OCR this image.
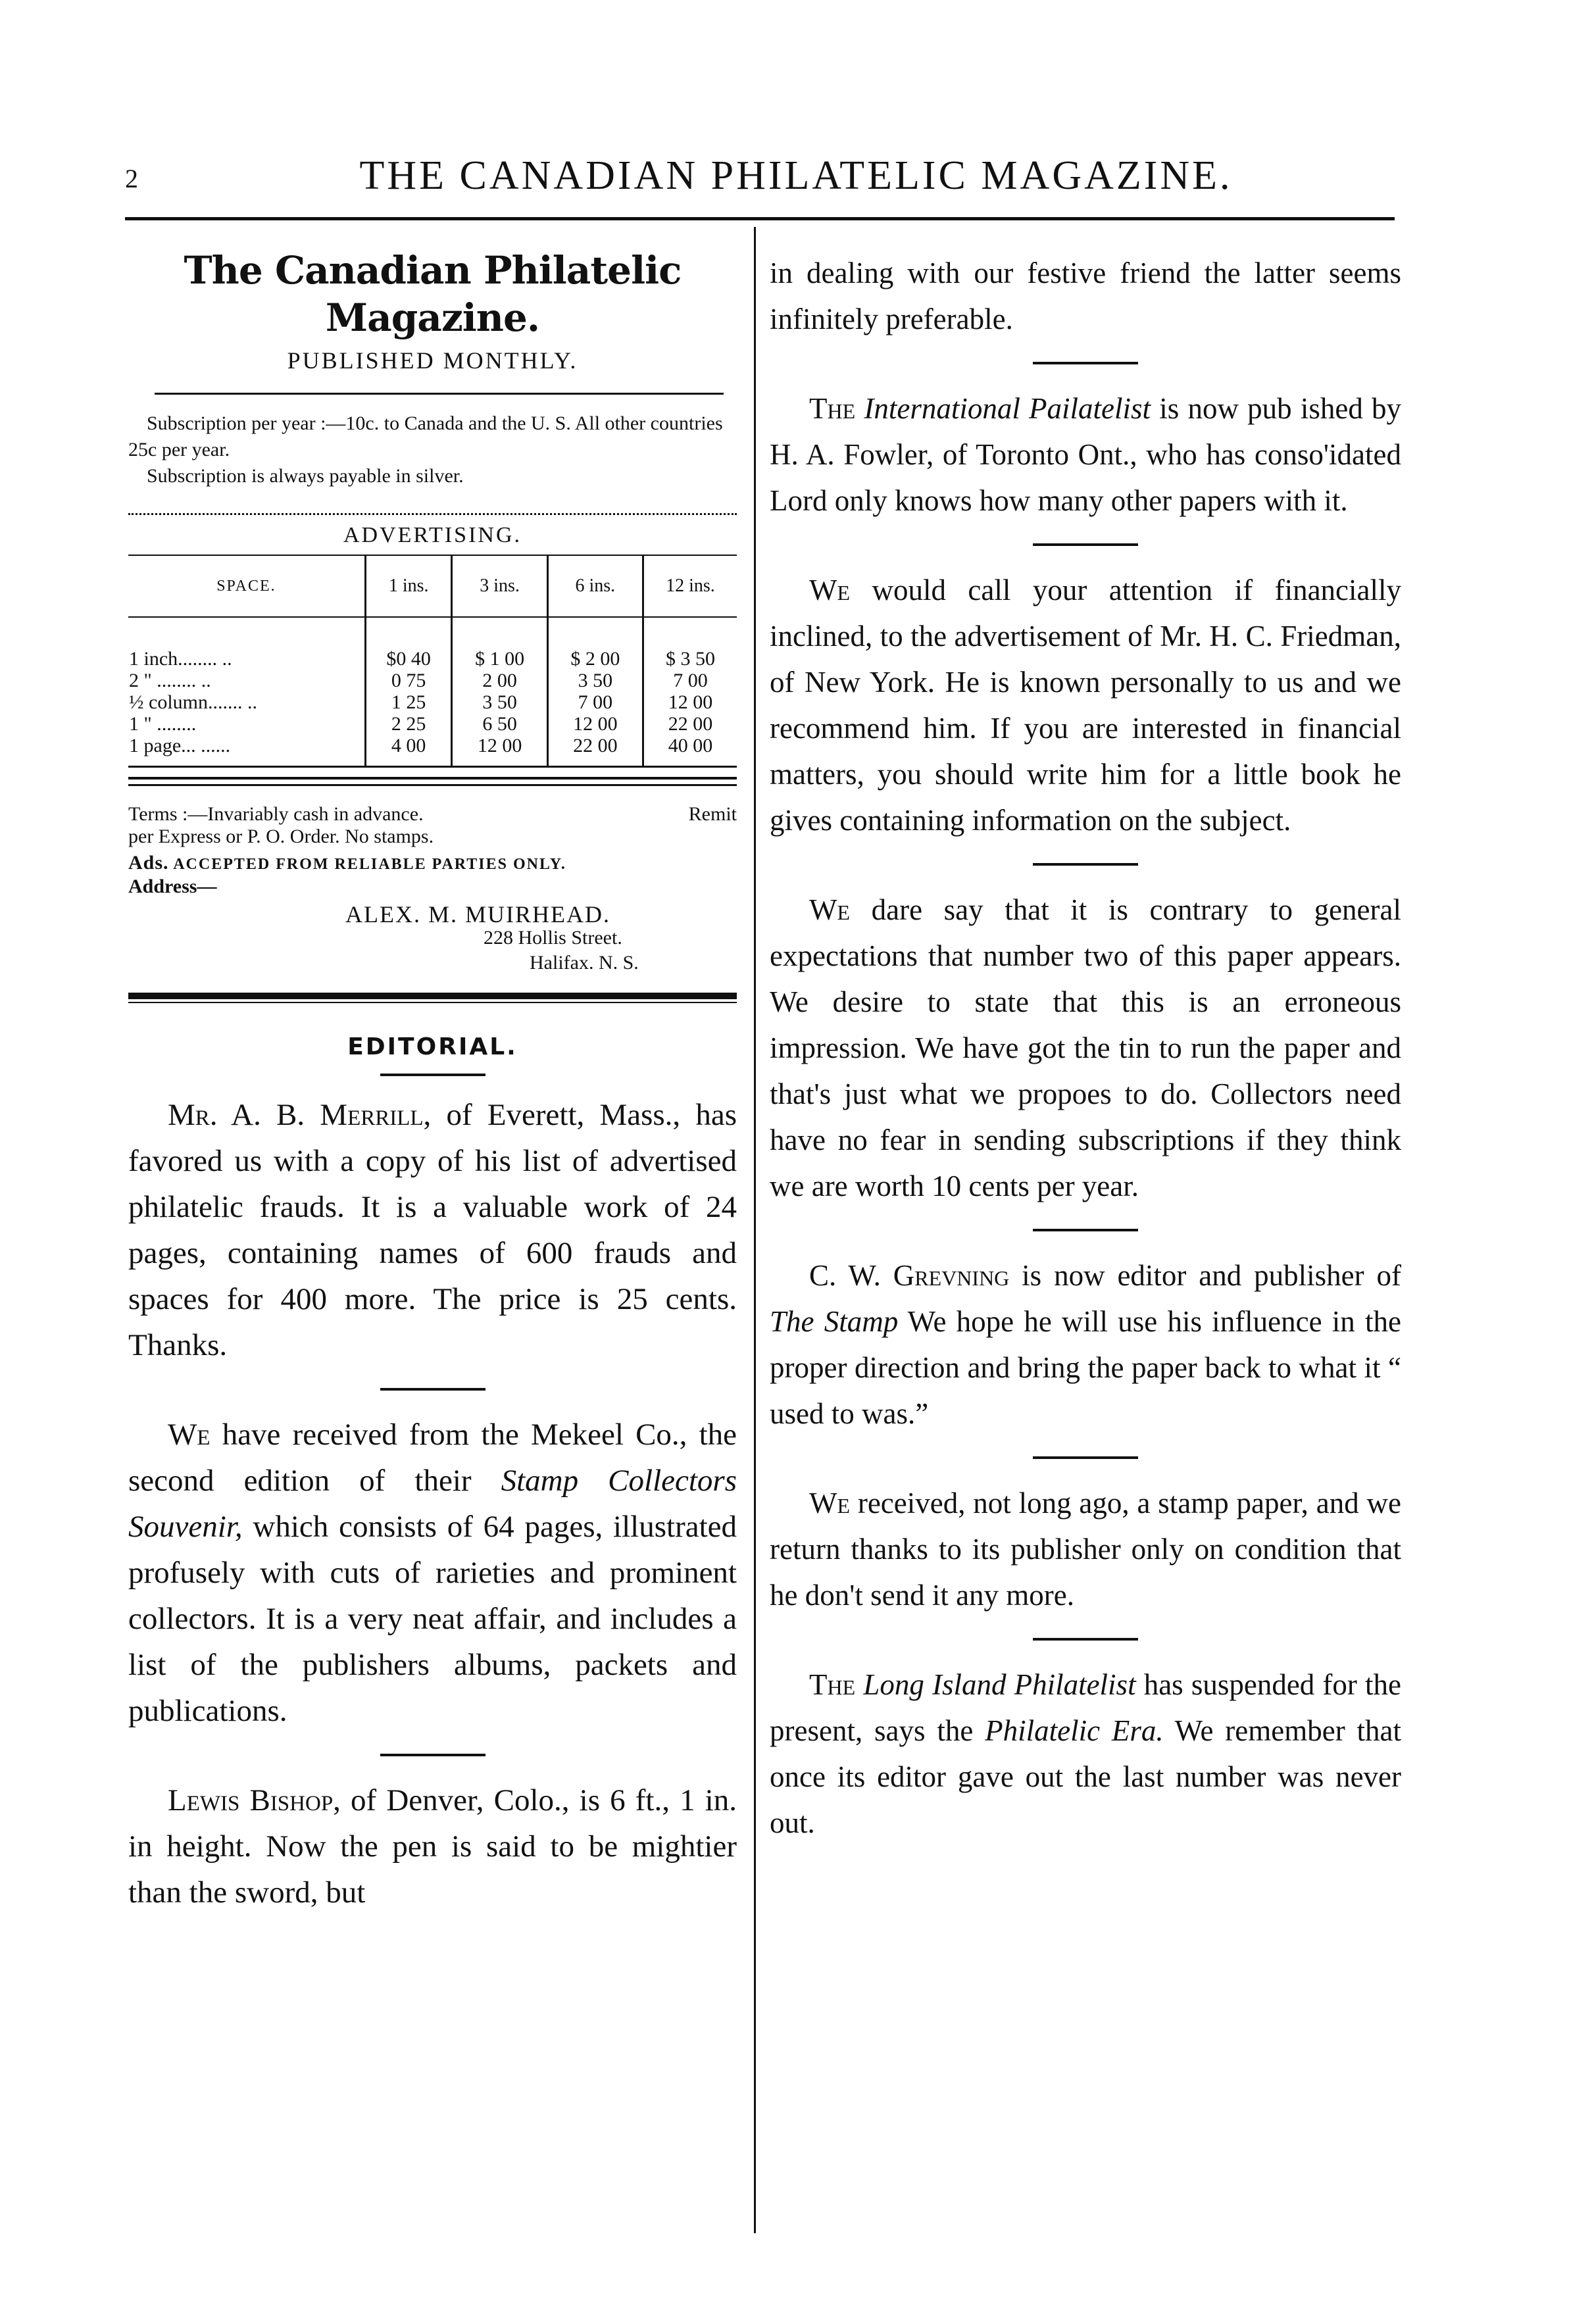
2	THE CANADIAN PHILATELIC MAGAZINE.
The Canadian Philatelic Magazine.
PUBLISHED MONTHLY.
Subscription per year :—10c. to Canada and the U. S. All other countries 25c per year.
Subscription is always payable in silver.
ADVERTISING.
SPACE.	1 ins.	3 ins.	6 ins.	12 ins.

1 inch........ ..	$0 40	$ 1 00	$ 2 00	$ 3 50
2 " ........ ..	0 75	2 00	3 50	7 00
½ column....... ..	1 25	3 50	7 00	12 00
1 " ........	2 25	6 50	12 00	22 00
1 page... ......	4 00	12 00	22 00	40 00
Remit
Terms :—Invariably cash in advance.
per Express or P. O. Order. No stamps.
Ads. ACCEPTED FROM RELIABLE PARTIES ONLY.
Address—
ALEX. M. MUIRHEAD.
228 Hollis Street.
Halifax. N. S.
EDITORIAL.

Mr. A. B. Merrill, of Everett, Mass., has favored us with a copy of his list of advertised philatelic frauds. It is a valuable work of 24 pages, containing names of 600 frauds and spaces for 400 more. The price is 25 cents. Thanks.

We have received from the Mekeel Co., the second edition of their Stamp Collectors Souvenir, which consists of 64 pages, illustrated profusely with cuts of rarieties and prominent collectors. It is a very neat affair, and includes a list of the publishers albums, packets and publications.

Lewis Bishop, of Denver, Colo., is 6 ft., 1 in. in height. Now the pen is said to be mightier than the sword, but

in dealing with our festive friend the latter seems infinitely preferable.

The International Pailatelist is now pub ished by H. A. Fowler, of Toronto Ont., who has conso'idated Lord only knows how many other papers with it.

We would call your attention if financially inclined, to the advertisement of Mr. H. C. Friedman, of New York. He is known personally to us and we recommend him. If you are interested in financial matters, you should write him for a little book he gives containing information on the subject.

We dare say that it is contrary to general expectations that number two of this paper appears. We desire to state that this is an erroneous impression. We have got the tin to run the paper and that's just what we propoes to do. Collectors need have no fear in sending subscriptions if they think we are worth 10 cents per year.

C. W. Grevning is now editor and publisher of The Stamp We hope he will use his influence in the proper direction and bring the paper back to what it “ used to was.”

We received, not long ago, a stamp paper, and we return thanks to its publisher only on condition that he don't send it any more.

The Long Island Philatelist has suspended for the present, says the Philatelic Era. We remember that once its editor gave out the last number was never out.
